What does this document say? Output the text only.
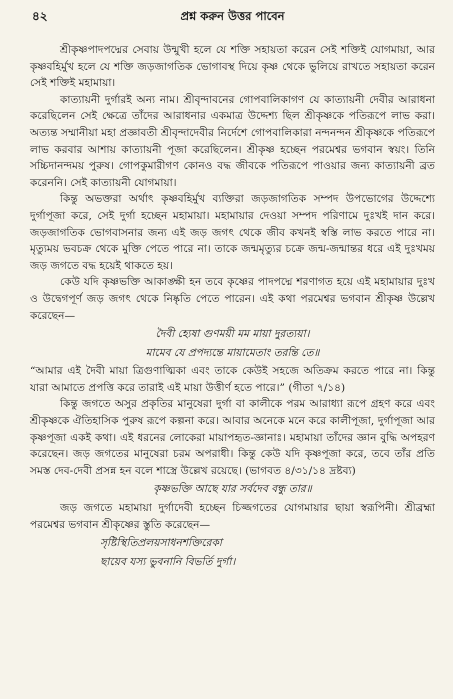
৪২	প্রশ্ন করুন উত্তর পাবেন

শ্রীকৃষ্ণপাদপদ্মের সেবায় উন্মুখী হলে যে শক্তি সহায়তা করেন সেই শক্তিই যোগমায়া, আর কৃষ্ণবহির্মুখ হলে যে শক্তি জড়জাগতিক ভোগাবস্থ দিয়ে কৃষ্ণ থেকে ভুলিয়ে রাখতে সহায়তা করেন সেই শক্তিই মহামায়া।

কাত্যায়নী দুর্গারই অন্য নাম। শ্রীবৃন্দাবনের গোপবালিকাগণ যে কাত্যায়নী দেবীর আরাধনা করেছিলেন সেই ক্ষেত্রে তাঁদের আরাধনার একমাত্র উদ্দেশ্য ছিল শ্রীকৃষ্ণকে পতিরূপে লাভ করা। অত্যন্ত সম্মানীয়া মহা প্রজ্ঞাবতী শ্রীবৃন্দাদেবীর নির্দেশে গোপবালিকারা নন্দনন্দন শ্রীকৃষ্ণকে পতিরূপে লাভ করবার আশায় কাত্যায়নী পূজা করেছিলেন। শ্রীকৃষ্ণ হচ্ছেন পরমেশ্বর ভগবান স্বয়ং। তিনি সচ্চিদানন্দময় পুরুষ। গোপকুমারীগণ কোনও বদ্ধ জীবকে পতিরূপে পাওয়ার জন্য কাত্যায়নী ব্রত করেননি। সেই কাত্যায়নী যোগমায়া।

কিন্তু অভক্তরা অর্থাৎ কৃষ্ণবহির্মুখ ব্যক্তিরা জড়জাগতিক সম্পদ উপভোগের উদ্দেশ্যে দুর্গাপূজা করে, সেই দুর্গা হচ্ছেন মহামায়া। মহামায়ার দেওয়া সম্পদ পরিণামে দুঃখই দান করে। জড়জাগতিক ভোগবাসনার জন্য এই জড় জগৎ থেকে জীব কখনই স্বস্তি লাভ করতে পারে না। মৃত্যুময় ভবচক্র থেকে মুক্তি পেতে পারে না। তাকে জন্মমৃত্যুর চক্রে জন্ম-জন্মান্তর ধরে এই দুঃখময় জড় জগতে বদ্ধ হয়েই থাকতে হয়।

কেউ যদি কৃষ্ণভক্তি আকাঙ্ক্ষী হন তবে কৃষ্ণের পাদপদ্মে শরণাগত হয়ে এই মহামায়ার দুঃখ ও উদ্বেগপূর্ণ জড় জগৎ থেকে নিষ্কৃতি পেতে পারেন। এই কথা পরমেশ্বর ভগবান শ্রীকৃষ্ণ উল্লেখ করেছেন—

দৈবী হ্যেষা গুণময়ী মম মায়া দুরত্যয়া।

মামেব যে প্রপদ্যন্তে মায়ামেতাং তরন্তি তে॥

“আমার এই দৈবী মায়া ত্রিগুণাত্মিকা এবং তাকে কেউই সহজে অতিক্রম করতে পারে না। কিন্তু যারা আমাতে প্রপত্তি করে তারাই এই মায়া উত্তীর্ণ হতে পারে।” (গীতা ৭/১৪)

কিন্তু জগতে অসুর প্রকৃতির মানুষেরা দুর্গা বা কালীকে পরম আরাধ্যা রূপে গ্রহণ করে এবং শ্রীকৃষ্ণকে ঐতিহাসিক পুরুষ রূপে কল্পনা করে। আবার অনেকে মনে করে কালীপূজা, দুর্গাপূজা আর কৃষ্ণপূজা একই কথা। এই ধরনের লোকেরা মায়াপহৃত-জ্ঞানাঃ। মহামায়া তাঁদের জ্ঞান বুদ্ধি অপহরণ করেছেন। জড় জগতের মানুষেরা চরম অপরাধী। কিন্তু কেউ যদি কৃষ্ণপূজা করে, তবে তাঁর প্রতি সমস্ত দেব-দেবী প্রসন্ন হন বলে শাস্ত্রে উল্লেখ রয়েছে। (ভাগবত ৪/৩১/১৪ দ্রষ্টব্য)

কৃষ্ণভক্তি আছে যার সর্বদেব বন্ধু তার॥

জড় জগতে মহামায়া দুর্গাদেবী হচ্ছেন চিজ্জগতের যোগমায়ার ছায়া স্বরূপিনী। শ্রীব্রহ্মা পরমেশ্বর ভগবান শ্রীকৃষ্ণের স্তুতি করেছেন—

সৃষ্টিস্থিতিপ্রলয়সাধনশক্তিরেকা

ছায়েব যস্য ভুবনানি বিভর্তি দুর্গা।
